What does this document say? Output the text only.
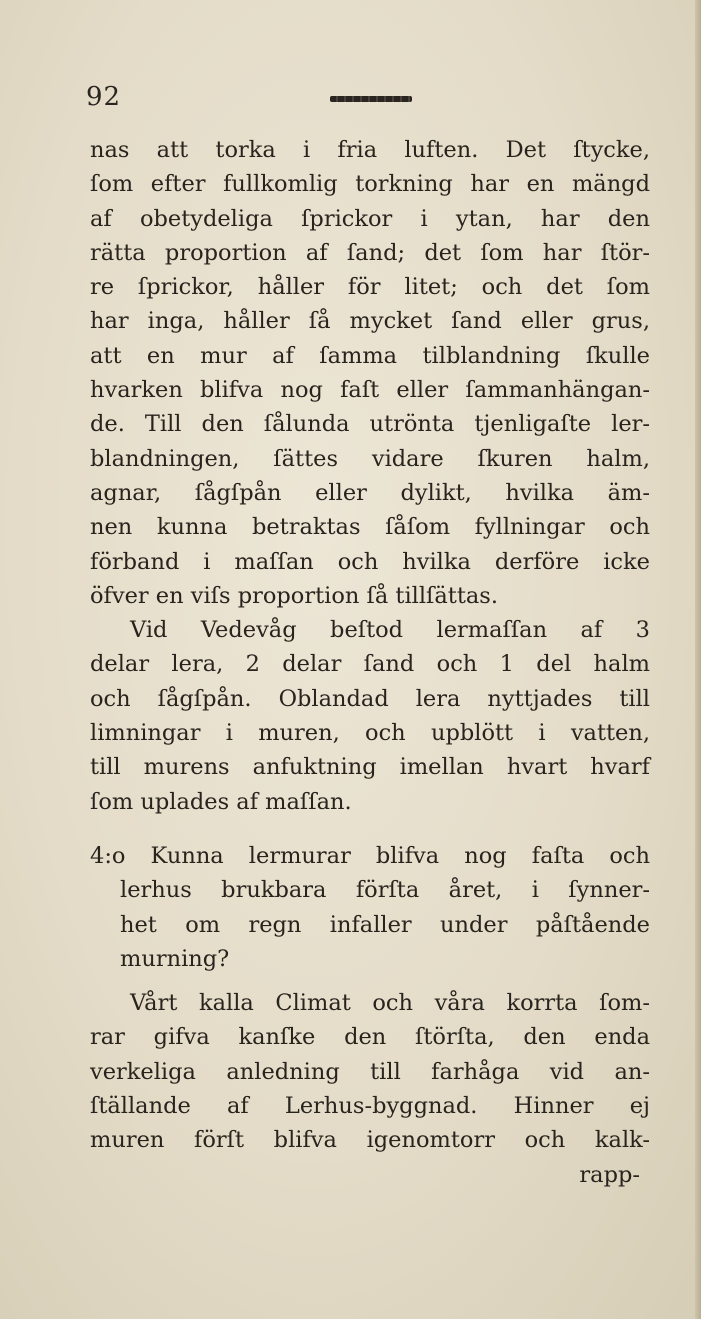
92
nas att torka i fria luften. Det ſtycke,
ſom efter fullkomlig torkning har en mängd
af obetydeliga ſprickor i ytan, har den
rätta proportion af ſand; det ſom har ſtör-
re ſprickor, håller för litet; och det ſom
har inga, håller ſå mycket ſand eller grus,
att en mur af ſamma tilblandning ſkulle
hvarken blifva nog faſt eller ſammanhängan-
de. Till den ſålunda utrönta tjenligaſte ler-
blandningen, ſättes vidare ſkuren halm,
agnar, ſågſpån eller dylikt, hvilka äm-
nen kunna betraktas ſåſom fyllningar och
förband i maſſan och hvilka derföre icke
öfver en viſs proportion ſå tillſättas.
Vid Vedevåg beſtod lermaſſan af 3
delar lera, 2 delar ſand och 1 del halm
och ſågſpån. Oblandad lera nyttjades till
limningar i muren, och upblött i vatten,
till murens anfuktning imellan hvart hvarf
ſom uplades af maſſan.
4:o Kunna lermurar blifva nog faſta och
lerhus brukbara förſta året, i ſynner-
het om regn infaller under påſtående
murning?
Vårt kalla Climat och våra korrta ſom-
rar gifva kanſke den ſtörſta, den enda
verkeliga anledning till farhåga vid an-
ſtällande af Lerhus-byggnad. Hinner ej
muren förſt blifva igenomtorr och kalk-
rapp-
